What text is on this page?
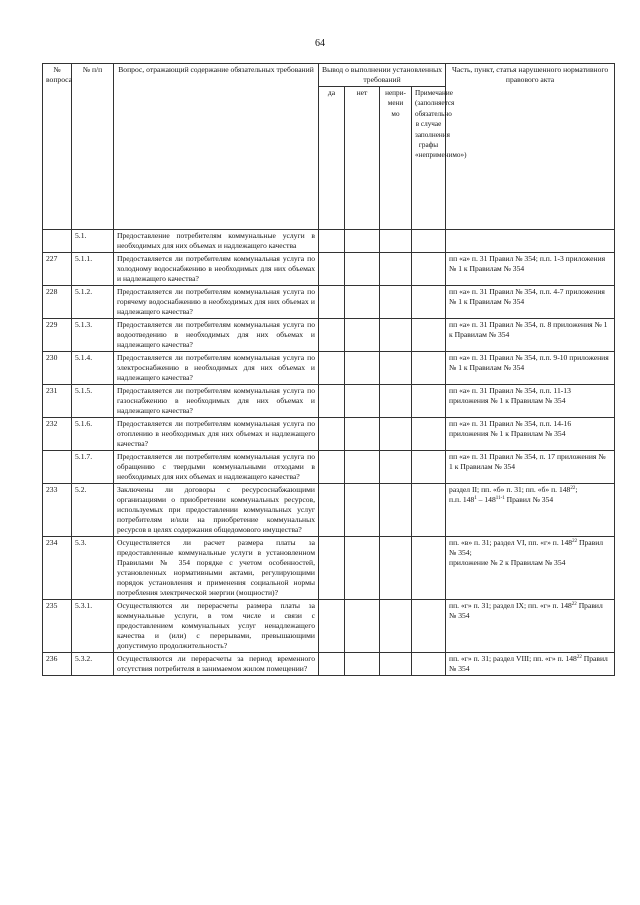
64
№ вопроса	№ п/п	Вопрос, отражающий содержание обязательных требований	Вывод о выполнении установленных требований				Часть, пункт, статья нарушенного нормативного правового акта
			да	нет	непри-мени мо	Примечание (заполняется обязательно в случае заполнения графы «неприменимо»)	
	5.1.	Предоставление потребителям коммунальные услуги в необходимых для них объемах и надлежащего качества					
227	5.1.1.	Предоставляется ли потребителям коммунальная услуга по холодному водоснабжению в необходимых для них объемах и надлежащего качества?					пп «а» п. 31 Правил № 354; п.п. 1-3 приложения № 1 к Правилам № 354
228	5.1.2.	Предоставляется ли потребителям коммунальная услуга по горячему водоснабжению в необходимых для них объемах и надлежащего качества?					пп «а» п. 31 Правил № 354, п.п. 4-7 приложения № 1 к Правилам № 354
229	5.1.3.	Предоставляется ли потребителям коммунальная услуга по водоотведению в необходимых для них объемах и надлежащего качества?					пп «а» п. 31 Правил № 354, п. 8 приложения № 1 к Правилам № 354
230	5.1.4.	Предоставляется ли потребителям коммунальная услуга по электроснабжению в необходимых для них объемах и надлежащего качества?					пп «а» п. 31 Правил № 354, п.п. 9-10 приложения № 1 к Правилам № 354
231	5.1.5.	Предоставляется ли потребителям коммунальная услуга по газоснабжению в необходимых для них объемах и надлежащего качества?					пп «а» п. 31 Правил № 354, п.п. 11-13 приложения № 1 к Правилам № 354
232	5.1.6.	Предоставляется ли потребителям коммунальная услуга по отоплению в необходимых для них объемах и надлежащего качества?					пп «а» п. 31 Правил № 354, п.п. 14-16 приложения № 1 к Правилам № 354
	5.1.7.	Предоставляется ли потребителям коммунальная услуга по обращению с твердыми коммунальными отходами в необходимых для них объемах и надлежащего качества?					пп «а» п. 31 Правил № 354, п. 17 приложения № 1 к Правилам № 354
233	5.2.	Заключены ли договоры с ресурсоснабжающими организациями о приобретении коммунальных ресурсов, используемых при предоставлении коммунальных услуг потребителям и/или на приобретение коммунальных ресурсов в целях содержания общедомового имущества?					раздел II; пп. «б» п. 31; пп. «б» п. $148^{22}$;
п.п. $148^1 - 148^{11-1}$ Правил № 354
234	5.3.	Осуществляется ли расчет размера платы за предоставленные коммунальные услуги в установленном Правилами № 354 порядке с учетом особенностей, установленных нормативными актами, регулирующими порядок установления и применения социальной нормы потребления электрической энергии (мощности)?					пп. «в» п. 31; раздел VI, пп. «г» п. $148^{22}$ Правил № 354;
приложение № 2 к Правилам № 354
235	5.3.1.	Осуществляются ли перерасчеты размера платы за коммунальные услуги, в том числе и связи с предоставлением коммунальных услуг ненадлежащего качества и (или) с перерывами, превышающими допустимую продолжительность?					пп. «г» п. 31; раздел IX; пп. «г» п. $148^{22}$ Правил № 354
236	5.3.2.	Осуществляются ли перерасчеты за период временного отсутствия потребителя в занимаемом жилом помещении?					пп. «г» п. 31; раздел VIII; пп. «г» п. $148^{22}$ Правил № 354
